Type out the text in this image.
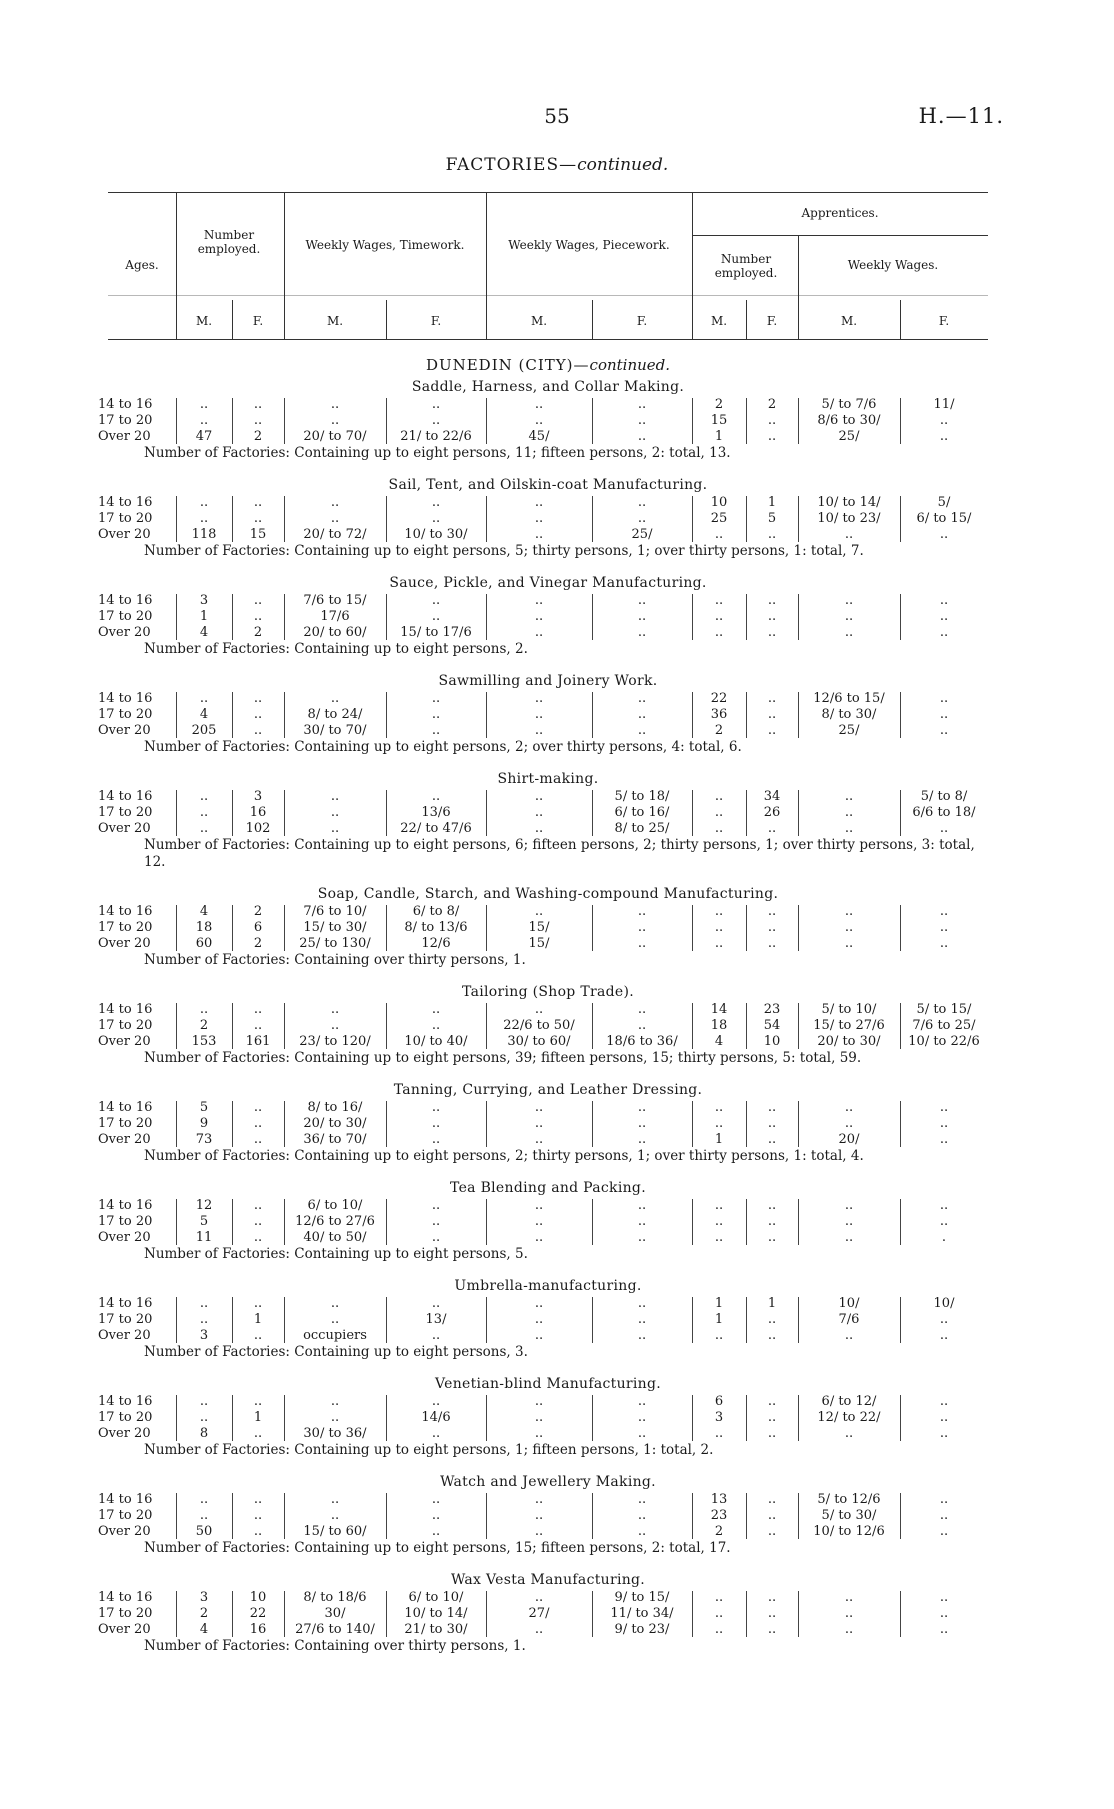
55	H.—11.
FACTORIES—continued.
Ages.
Number employed.	Weekly Wages, Timework.	Weekly Wages, Piecework.
Apprentices.
Number employed.
Weekly Wages.
M.	F.	M.	F.	M.	F.	M.	F.	M.	F.
DUNEDIN (CITY)—continued.
Saddle, Harness, and Collar Making.
14 to 16	..	..	..	..	..	..	2	2	5/ to 7/6	11/
17 to 20	..	..	..	..	..	..	15	..	8/6 to 30/	..
Over 20	47	2	20/ to 70/	21/ to 22/6	45/	..	1	..	25/	..
Number of Factories: Containing up to eight persons, 11; fifteen persons, 2: total, 13.
Sail, Tent, and Oilskin-coat Manufacturing.
14 to 16	..	..	..	..	..	..	10	1	10/ to 14/	5/
17 to 20	..	..	..	..	..	..	25	5	10/ to 23/	6/ to 15/
Over 20	118	15	20/ to 72/	10/ to 30/	..	25/	..	..	..	..
Number of Factories: Containing up to eight persons, 5; thirty persons, 1; over thirty persons, 1: total, 7.
Sauce, Pickle, and Vinegar Manufacturing.
14 to 16	3	..	7/6 to 15/	..	..	..	..	..	..	..
17 to 20	1	..	17/6	..	..	..	..	..	..	..
Over 20	4	2	20/ to 60/	15/ to 17/6	..	..	..	..	..	..
Number of Factories: Containing up to eight persons, 2.
Sawmilling and Joinery Work.
14 to 16	..	..	..	..	..	..	22	..	12/6 to 15/	..
17 to 20	4	..	8/ to 24/	..	..	..	36	..	8/ to 30/	..
Over 20	205	..	30/ to 70/	..	..	..	2	..	25/	..
Number of Factories: Containing up to eight persons, 2; over thirty persons, 4: total, 6.
Shirt-making.
14 to 16	..	3	..	..	..	5/ to 18/	..	34	..	5/ to 8/
17 to 20	..	16	..	13/6	..	6/ to 16/	..	26	..	6/6 to 18/
Over 20	..	102	..	22/ to 47/6	..	8/ to 25/	..	..	..	..
Number of Factories: Containing up to eight persons, 6; fifteen persons, 2; thirty persons, 1; over thirty persons, 3: total, 12.
Soap, Candle, Starch, and Washing-compound Manufacturing.
14 to 16	4	2	7/6 to 10/	6/ to 8/	..	..	..	..	..	..
17 to 20	18	6	15/ to 30/	8/ to 13/6	15/	..	..	..	..	..
Over 20	60	2	25/ to 130/	12/6	15/	..	..	..	..	..
Number of Factories: Containing over thirty persons, 1.
Tailoring (Shop Trade).
14 to 16	..	..	..	..	..	..	14	23	5/ to 10/	5/ to 15/
17 to 20	2	..	..	..	22/6 to 50/	..	18	54	15/ to 27/6	7/6 to 25/
Over 20	153	161	23/ to 120/	10/ to 40/	30/ to 60/	18/6 to 36/	4	10	20/ to 30/	10/ to 22/6
Number of Factories: Containing up to eight persons, 39; fifteen persons, 15; thirty persons, 5: total, 59.
Tanning, Currying, and Leather Dressing.
14 to 16	5	..	8/ to 16/	..	..	..	..	..	..	..
17 to 20	9	..	20/ to 30/	..	..	..	..	..	..	..
Over 20	73	..	36/ to 70/	..	..	..	1	..	20/	..
Number of Factories: Containing up to eight persons, 2; thirty persons, 1; over thirty persons, 1: total, 4.
Tea Blending and Packing.
14 to 16	12	..	6/ to 10/	..	..	..	..	..	..	..
17 to 20	5	..	12/6 to 27/6	..	..	..	..	..	..	..
Over 20	11	..	40/ to 50/	..	..	..	..	..	..	.
Number of Factories: Containing up to eight persons, 5.
Umbrella-manufacturing.
14 to 16	..	..	..	..	..	..	1	1	10/	10/
17 to 20	..	1	..	13/	..	..	1	..	7/6	..
Over 20	3	..	occupiers	..	..	..	..	..	..	..
Number of Factories: Containing up to eight persons, 3.
Venetian-blind Manufacturing.
14 to 16	..	..	..	..	..	..	6	..	6/ to 12/	..
17 to 20	..	1	..	14/6	..	..	3	..	12/ to 22/	..
Over 20	8	..	30/ to 36/	..	..	..	..	..	..	..
Number of Factories: Containing up to eight persons, 1; fifteen persons, 1: total, 2.
Watch and Jewellery Making.
14 to 16	..	..	..	..	..	..	13	..	5/ to 12/6	..
17 to 20	..	..	..	..	..	..	23	..	5/ to 30/	..
Over 20	50	..	15/ to 60/	..	..	..	2	..	10/ to 12/6	..
Number of Factories: Containing up to eight persons, 15; fifteen persons, 2: total, 17.
Wax Vesta Manufacturing.
14 to 16	3	10	8/ to 18/6	6/ to 10/	..	9/ to 15/	..	..	..	..
17 to 20	2	22	30/	10/ to 14/	27/	11/ to 34/	..	..	..	..
Over 20	4	16	27/6 to 140/	21/ to 30/	..	9/ to 23/	..	..	..	..
Number of Factories: Containing over thirty persons, 1.
